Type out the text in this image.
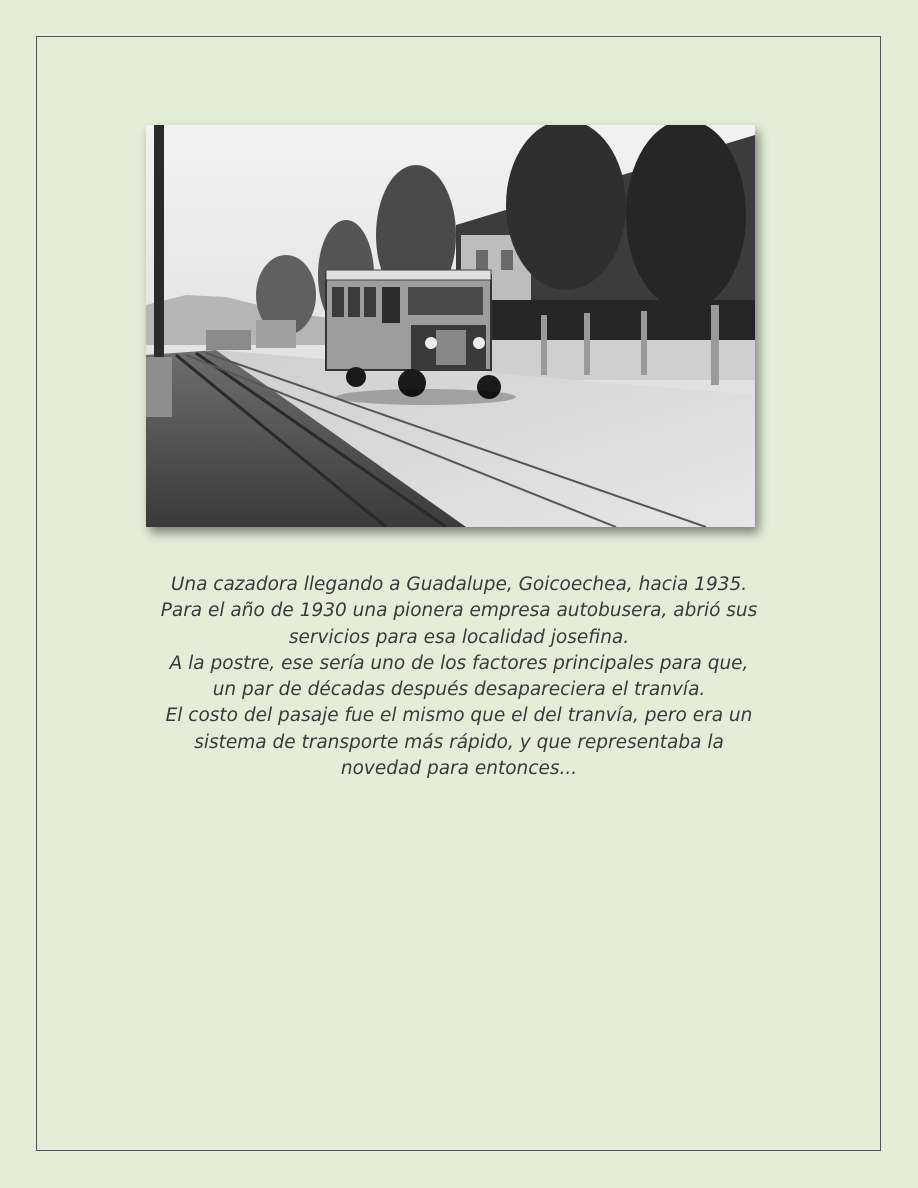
Una cazadora llegando a Guadalupe, Goicoechea, hacia 1935.
Para el año de 1930 una pionera empresa autobusera, abrió sus
servicios para esa localidad josefina.
A la postre, ese sería uno de los factores principales para que,
un par de décadas después desapareciera el tranvía.
El costo del pasaje fue el mismo que el del tranvía, pero era un
sistema de transporte más rápido, y que representaba la
novedad para entonces...
